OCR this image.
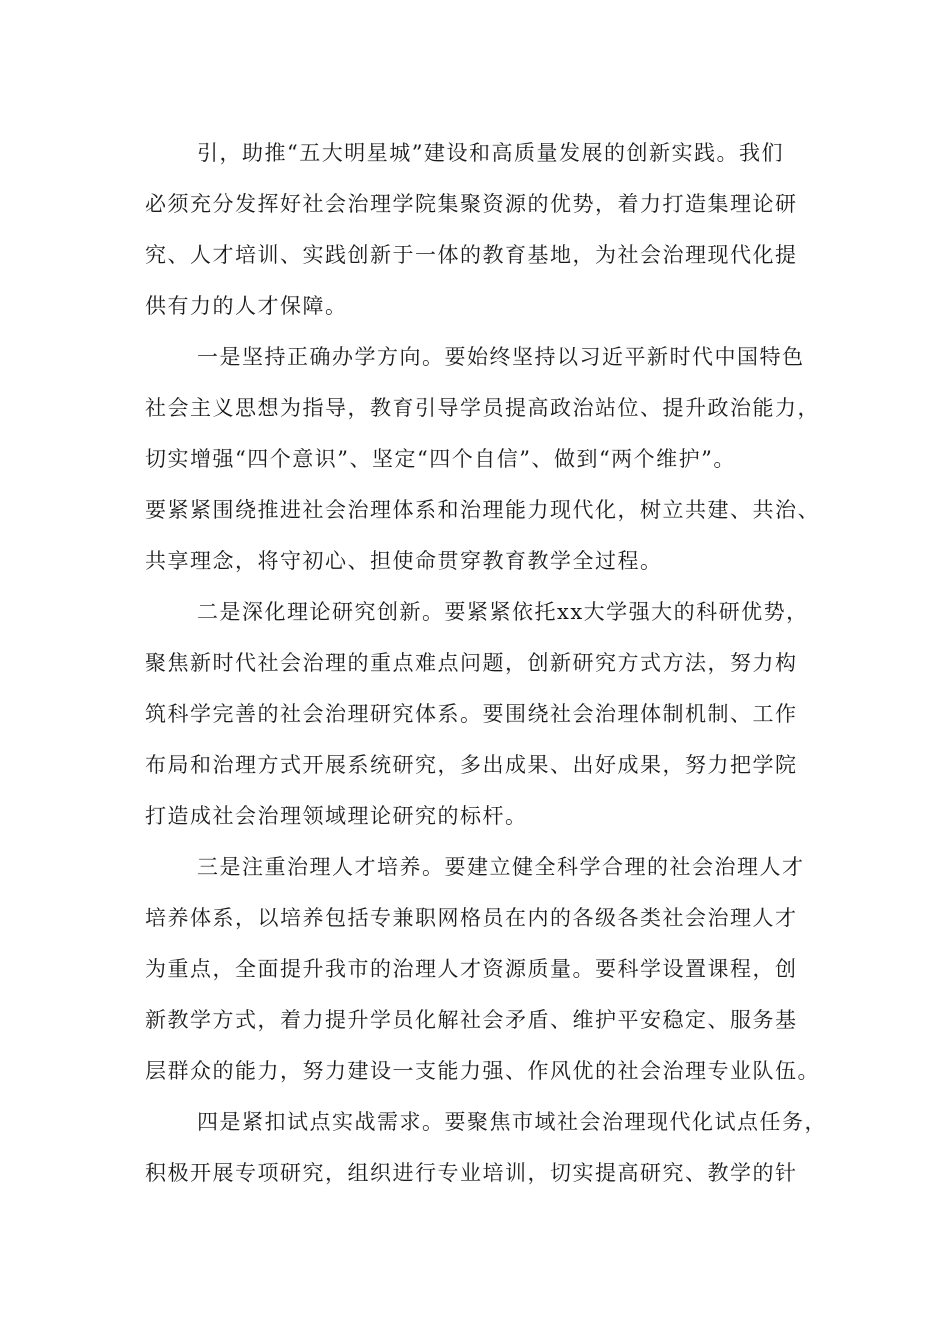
引，助推“五大明星城”建设和高质量发展的创新实践。我们
必须充分发挥好社会治理学院集聚资源的优势，着力打造集理论研
究、人才培训、实践创新于一体的教育基地，为社会治理现代化提
供有力的人才保障。
一是坚持正确办学方向。要始终坚持以习近平新时代中国特色
社会主义思想为指导，教育引导学员提高政治站位、提升政治能力，
切实增强“四个意识”、坚定“四个自信”、做到“两个维护”。
要紧紧围绕推进社会治理体系和治理能力现代化，树立共建、共治、
共享理念，将守初心、担使命贯穿教育教学全过程。
二是深化理论研究创新。要紧紧依托xx大学强大的科研优势，
聚焦新时代社会治理的重点难点问题，创新研究方式方法，努力构
筑科学完善的社会治理研究体系。要围绕社会治理体制机制、工作
布局和治理方式开展系统研究，多出成果、出好成果，努力把学院
打造成社会治理领域理论研究的标杆。
三是注重治理人才培养。要建立健全科学合理的社会治理人才
培养体系，以培养包括专兼职网格员在内的各级各类社会治理人才
为重点，全面提升我市的治理人才资源质量。要科学设置课程，创
新教学方式，着力提升学员化解社会矛盾、维护平安稳定、服务基
层群众的能力，努力建设一支能力强、作风优的社会治理专业队伍。
四是紧扣试点实战需求。要聚焦市域社会治理现代化试点任务，
积极开展专项研究，组织进行专业培训，切实提高研究、教学的针
